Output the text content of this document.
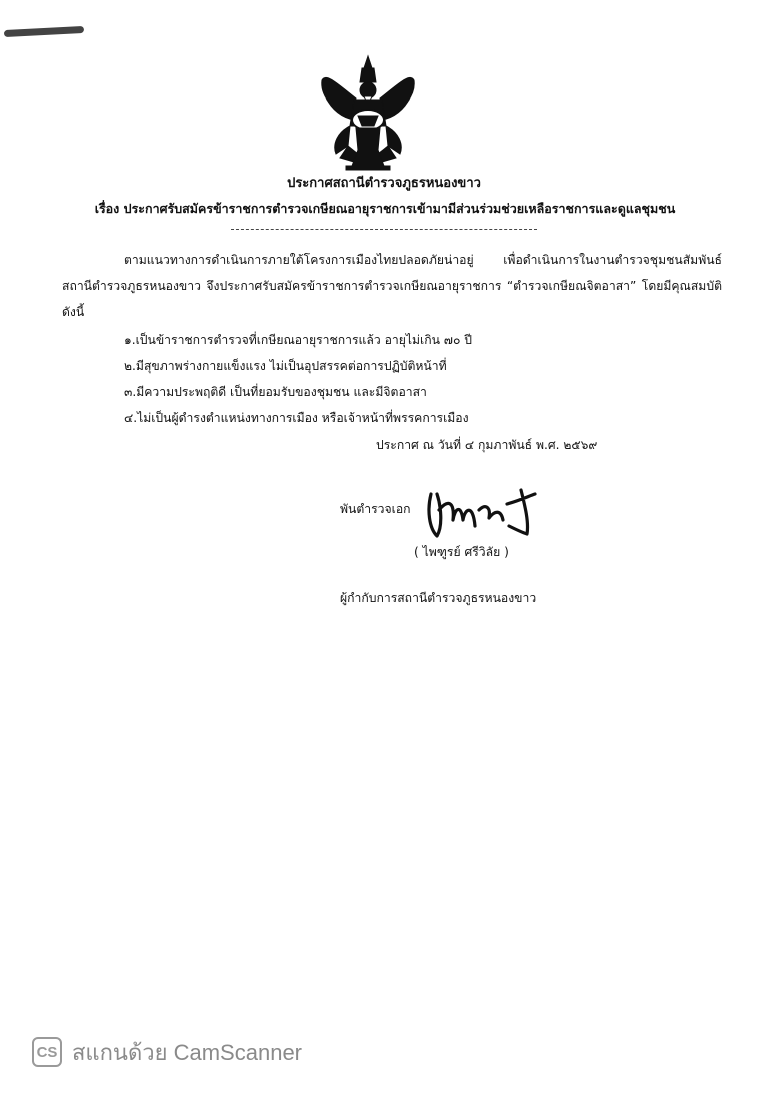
ประกาศสถานีตำรวจภูธรหนองขาว
เรื่อง ประกาศรับสมัครข้าราชการตำรวจเกษียณอายุราชการเข้ามามีส่วนร่วมช่วยเหลือราชการและดูแลชุมชน
ตามแนวทางการดำเนินการภายใต้โครงการเมืองไทยปลอดภัยน่าอยู่ เพื่อดำเนินการในงานตำรวจชุมชนสัมพันธ์ สถานีตำรวจภูธรหนองขาว จึงประกาศรับสมัครข้าราชการตำรวจเกษียณอายุราชการ “ตำรวจเกษียณจิตอาสา” โดยมีคุณสมบัติดังนี้
๑.เป็นข้าราชการตำรวจที่เกษียณอายุราชการแล้ว อายุไม่เกิน ๗๐ ปี
๒.มีสุขภาพร่างกายแข็งแรง ไม่เป็นอุปสรรคต่อการปฏิบัติหน้าที่
๓.มีความประพฤติดี เป็นที่ยอมรับของชุมชน และมีจิตอาสา
๔.ไม่เป็นผู้ดำรงตำแหน่งทางการเมือง หรือเจ้าหน้าที่พรรคการเมือง
ประกาศ ณ วันที่ ๔ กุมภาพันธ์ พ.ศ. ๒๕๖๙
พันตำรวจเอก
( ไพฑูรย์ ศรีวิลัย )
ผู้กำกับการสถานีตำรวจภูธรหนองขาว
CS สแกนด้วย CamScanner
